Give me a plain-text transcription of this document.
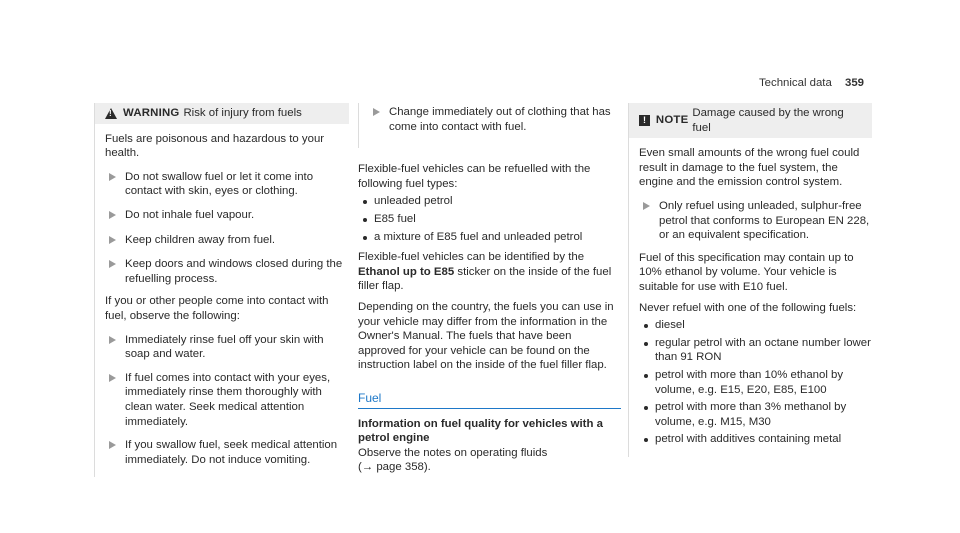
Technical data 359
!
WARNING Risk of injury from fuels

Fuels are poisonous and hazardous to your health.

Do not swallow fuel or let it come into contact with skin, eyes or clothing.
Do not inhale fuel vapour.
Keep children away from fuel.
Keep doors and windows closed during the refuelling process.

If you or other people come into contact with fuel, observe the following:

Immediately rinse fuel off your skin with soap and water.
If fuel comes into contact with your eyes, immediately rinse them thoroughly with clean water. Seek medical attention immediately.
If you swallow fuel, seek medical attention immediately. Do not induce vomiting.
Change immediately out of clothing that has come into contact with fuel.

Flexible-fuel vehicles can be refuelled with the following fuel types:

unleaded petrol
E85 fuel
a mixture of E85 fuel and unleaded petrol

Flexible-fuel vehicles can be identified by the Ethanol up to E85 sticker on the inside of the fuel filler flap.

Depending on the country, the fuels you can use in your vehicle may differ from the information in the Owner's Manual. The fuels that have been approved for your vehicle can be found on the instruction label on the inside of the fuel filler flap.

Fuel
Information on fuel quality for vehicles with a petrol engine
Observe the notes on operating fluids
(→ page 358).
! NOTE
Damage caused by the wrong fuel

Even small amounts of the wrong fuel could result in damage to the fuel system, the engine and the emission control system.

Only refuel using unleaded, sulphur-free petrol that conforms to European EN 228, or an equivalent specification.

Fuel of this specification may contain up to 10% ethanol by volume. Your vehicle is suitable for use with E10 fuel.

Never refuel with one of the following fuels:

diesel
regular petrol with an octane number lower than 91 RON
petrol with more than 10% ethanol by volume, e.g. E15, E20, E85, E100
petrol with more than 3% methanol by volume, e.g. M15, M30
petrol with additives containing metal
